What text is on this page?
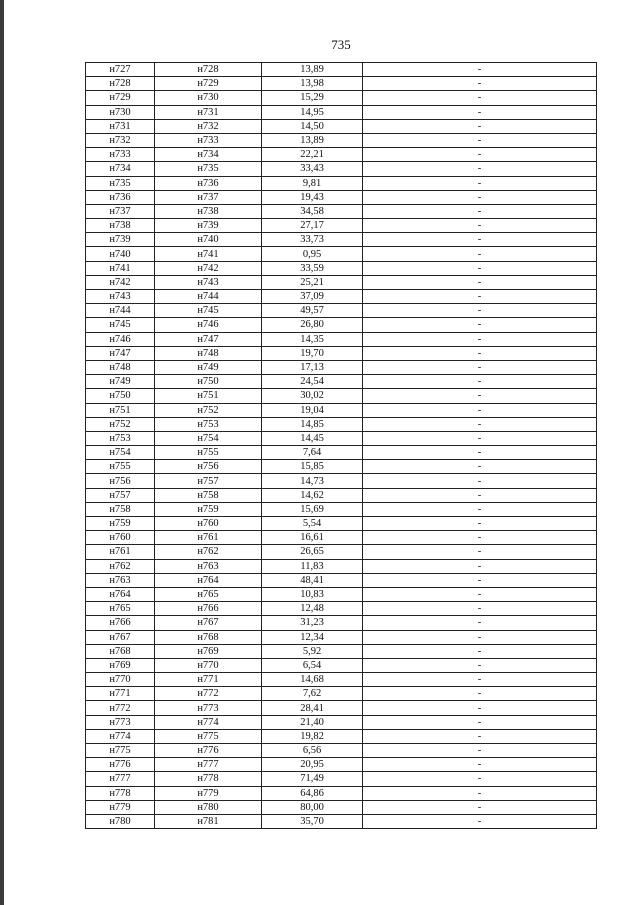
735
н727	н728	13,89	-
н728	н729	13,98	-
н729	н730	15,29	-
н730	н731	14,95	-
н731	н732	14,50	-
н732	н733	13,89	-
н733	н734	22,21	-
н734	н735	33,43	-
н735	н736	9,81	-
н736	н737	19,43	-
н737	н738	34,58	-
н738	н739	27,17	-
н739	н740	33,73	-
н740	н741	0,95	-
н741	н742	33,59	-
н742	н743	25,21	-
н743	н744	37,09	-
н744	н745	49,57	-
н745	н746	26,80	-
н746	н747	14,35	-
н747	н748	19,70	-
н748	н749	17,13	-
н749	н750	24,54	-
н750	н751	30,02	-
н751	н752	19,04	-
н752	н753	14,85	-
н753	н754	14,45	-
н754	н755	7,64	-
н755	н756	15,85	-
н756	н757	14,73	-
н757	н758	14,62	-
н758	н759	15,69	-
н759	н760	5,54	-
н760	н761	16,61	-
н761	н762	26,65	-
н762	н763	11,83	-
н763	н764	48,41	-
н764	н765	10,83	-
н765	н766	12,48	-
н766	н767	31,23	-
н767	н768	12,34	-
н768	н769	5,92	-
н769	н770	6,54	-
н770	н771	14,68	-
н771	н772	7,62	-
н772	н773	28,41	-
н773	н774	21,40	-
н774	н775	19,82	-
н775	н776	6,56	-
н776	н777	20,95	-
н777	н778	71,49	-
н778	н779	64,86	-
н779	н780	80,00	-
н780	н781	35,70	-
